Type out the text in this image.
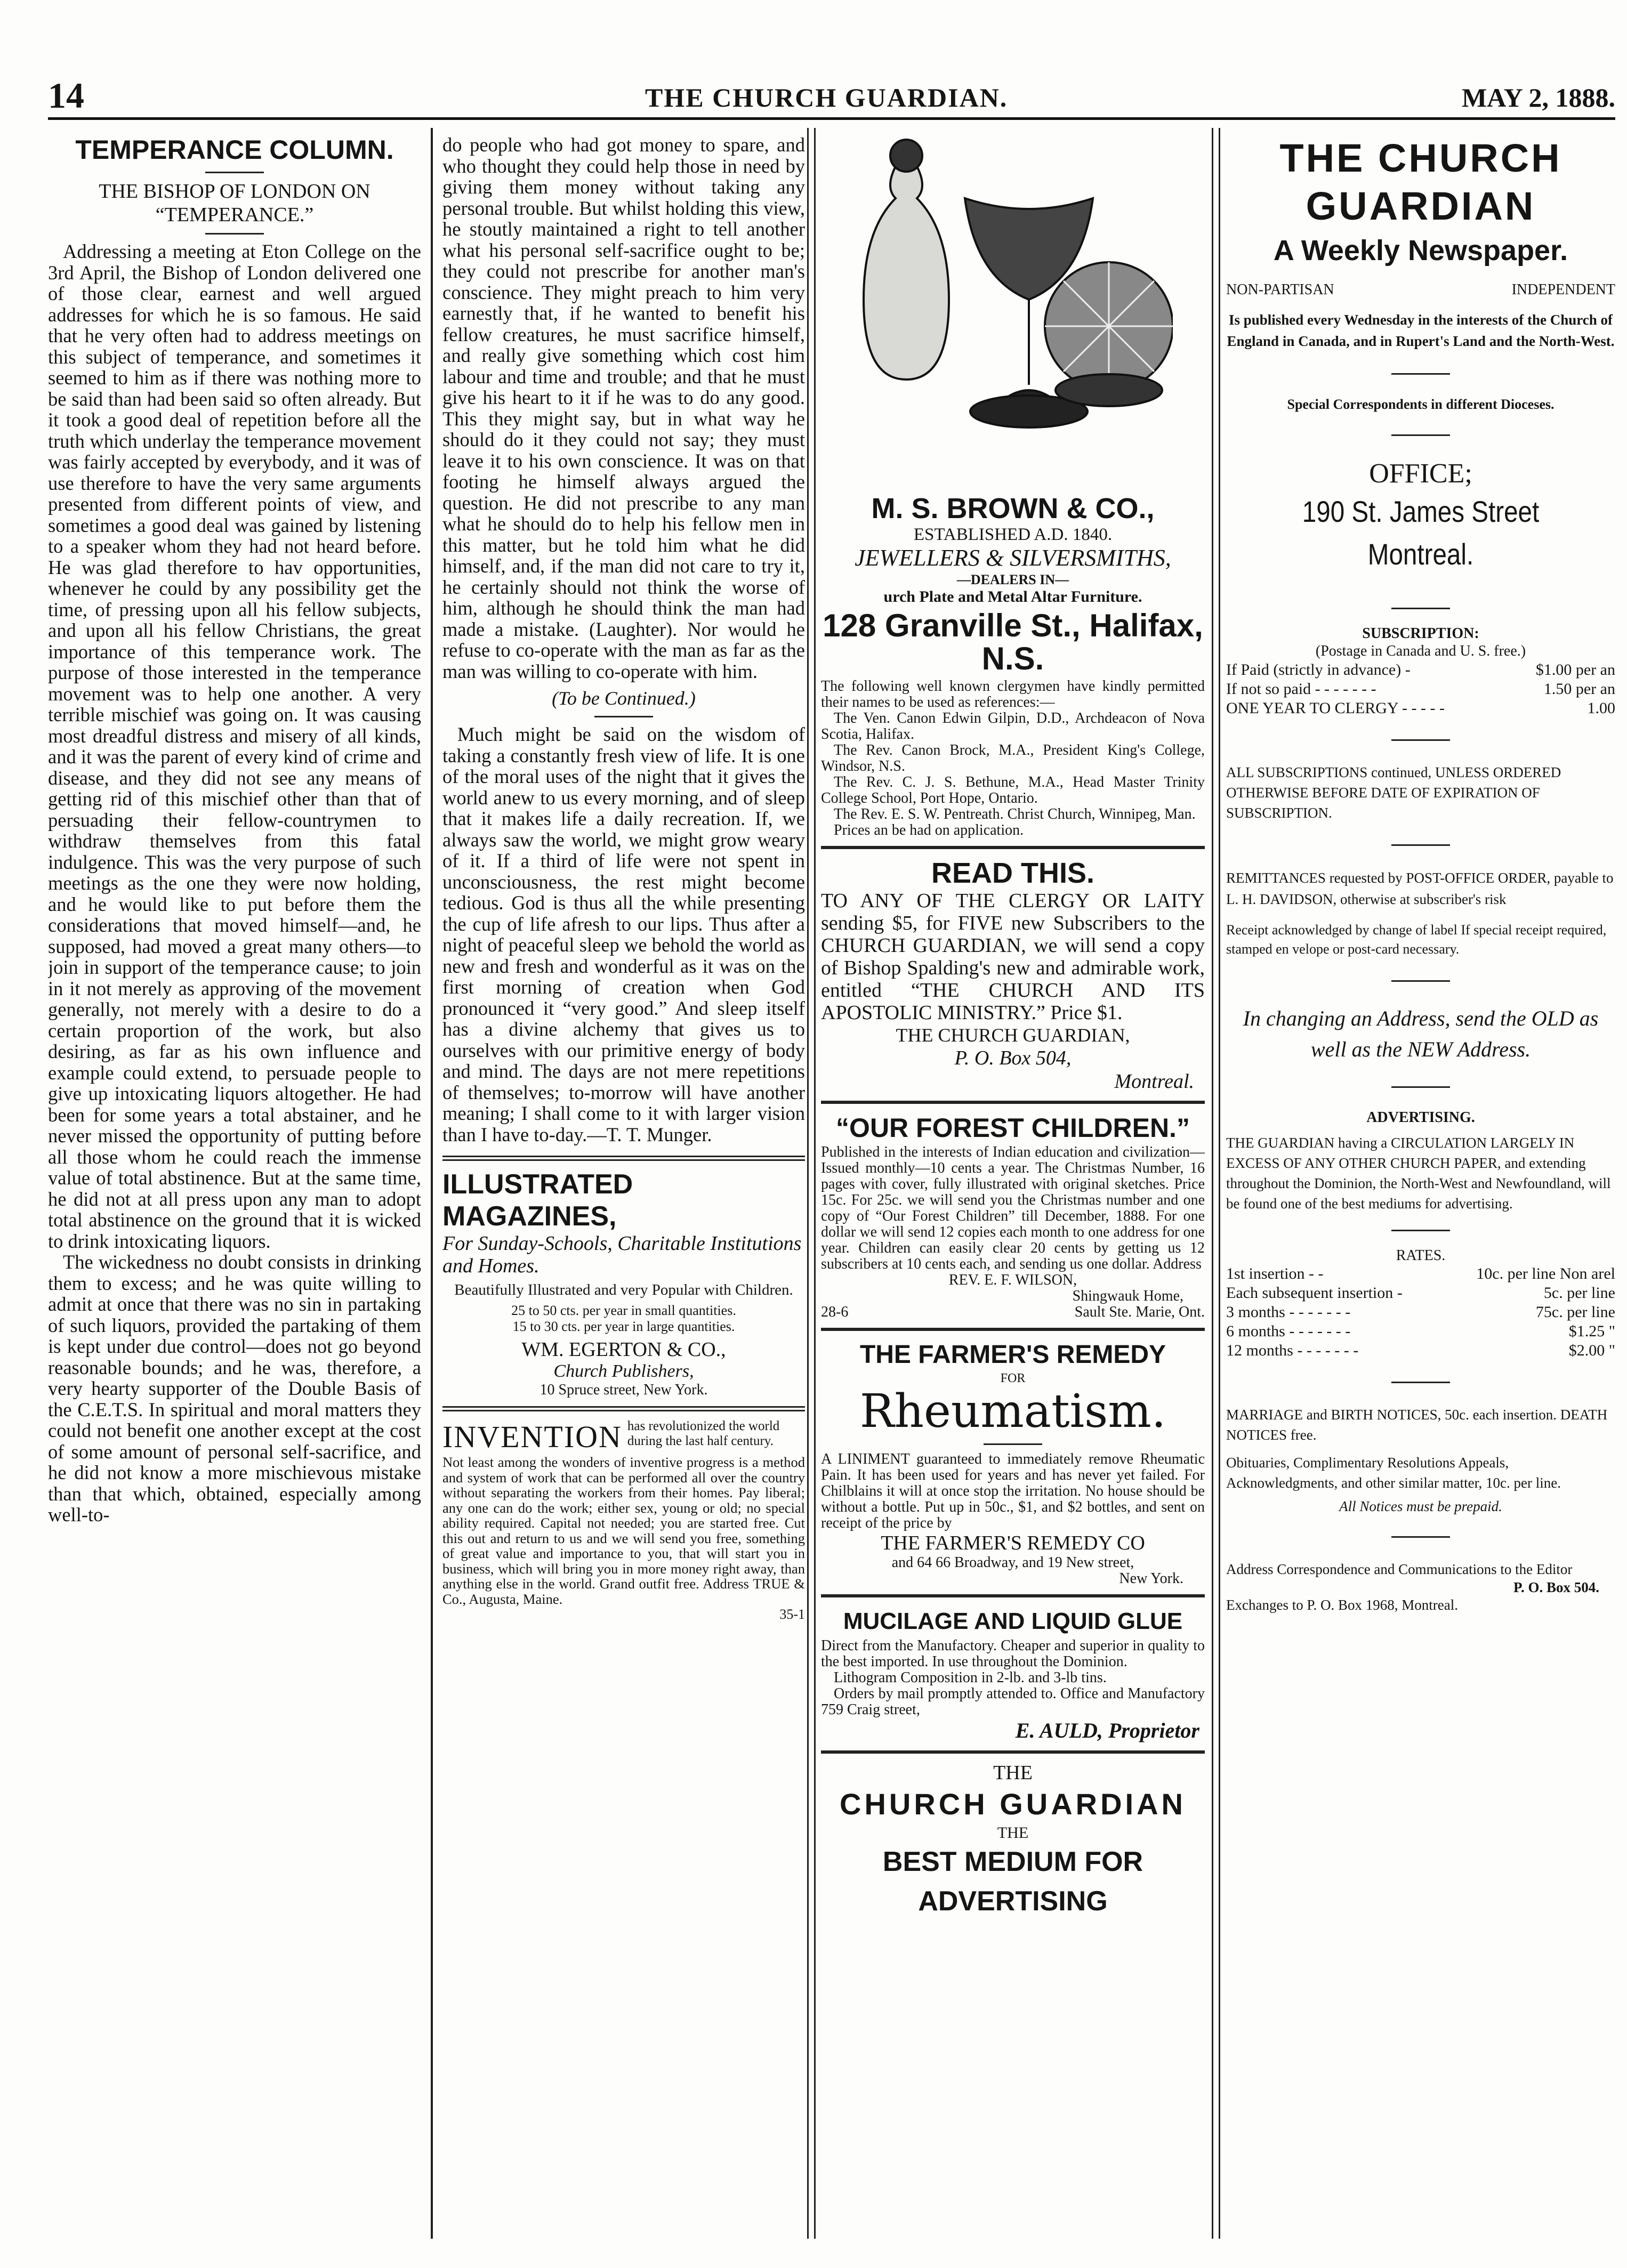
14	THE CHURCH GUARDIAN.	MAY 2, 1888.
TEMPERANCE COLUMN.
THE BISHOP OF LONDON ON “TEMPERANCE.”

Addressing a meeting at Eton College on the 3rd April, the Bishop of London delivered one of those clear, earnest and well argued addresses for which he is so famous. He said that he very often had to address meetings on this subject of temperance, and sometimes it seemed to him as if there was nothing more to be said than had been said so often already. But it took a good deal of repetition before all the truth which underlay the temperance movement was fairly accepted by everybody, and it was of use therefore to have the very same arguments presented from different points of view, and sometimes a good deal was gained by listening to a speaker whom they had not heard before. He was glad therefore to hav opportunities, whenever he could by any possibility get the time, of pressing upon all his fellow subjects, and upon all his fellow Christians, the great importance of this temperance work. The purpose of those interested in the temperance movement was to help one another. A very terrible mischief was going on. It was causing most dreadful distress and misery of all kinds, and it was the parent of every kind of crime and disease, and they did not see any means of getting rid of this mischief other than that of persuading their fellow-countrymen to withdraw themselves from this fatal indulgence. This was the very purpose of such meetings as the one they were now holding, and he would like to put before them the considerations that moved himself—and, he supposed, had moved a great many others—to join in support of the temperance cause; to join in it not merely as approving of the movement generally, not merely with a desire to do a certain proportion of the work, but also desiring, as far as his own influence and example could extend, to persuade people to give up intoxicating liquors altogether. He had been for some years a total abstainer, and he never missed the opportunity of putting before all those whom he could reach the immense value of total abstinence. But at the same time, he did not at all press upon any man to adopt total abstinence on the ground that it is wicked to drink intoxicating liquors.

The wickedness no doubt consists in drinking them to excess; and he was quite willing to admit at once that there was no sin in partaking of such liquors, provided the partaking of them is kept under due control—does not go beyond reasonable bounds; and he was, therefore, a very hearty supporter of the Double Basis of the C.E.T.S. In spiritual and moral matters they could not benefit one another except at the cost of some amount of personal self-sacrifice, and he did not know a more mischievous mistake than that which, obtained, especially among well-to-

do people who had got money to spare, and who thought they could help those in need by giving them money without taking any personal trouble. But whilst holding this view, he stoutly maintained a right to tell another what his personal self-sacrifice ought to be; they could not prescribe for another man's conscience. They might preach to him very earnestly that, if he wanted to benefit his fellow creatures, he must sacrifice himself, and really give something which cost him labour and time and trouble; and that he must give his heart to it if he was to do any good. This they might say, but in what way he should do it they could not say; they must leave it to his own conscience. It was on that footing he himself always argued the question. He did not prescribe to any man what he should do to help his fellow men in this matter, but he told him what he did himself, and, if the man did not care to try it, he certainly should not think the worse of him, although he should think the man had made a mistake. (Laughter). Nor would he refuse to co-operate with the man as far as the man was willing to co-operate with him.

(To be Continued.)

Much might be said on the wisdom of taking a constantly fresh view of life. It is one of the moral uses of the night that it gives the world anew to us every morning, and of sleep that it makes life a daily recreation. If, we always saw the world, we might grow weary of it. If a third of life were not spent in unconsciousness, the rest might become tedious. God is thus all the while presenting the cup of life afresh to our lips. Thus after a night of peaceful sleep we behold the world as new and fresh and wonderful as it was on the first morning of creation when God pronounced it “very good.” And sleep itself has a divine alchemy that gives us to ourselves with our primitive energy of body and mind. The days are not mere repetitions of themselves; to-morrow will have another meaning; I shall come to it with larger vision than I have to-day.—T. T. Munger.

ILLUSTRATED MAGAZINES,
For Sunday-Schools, Charitable Institutions and Homes.
Beautifully Illustrated and very Popular with Children.
25 to 50 cts. per year in small quantities.
15 to 30 cts. per year in large quantities.
WM. EGERTON & CO.,
Church Publishers,
10 Spruce street, New York.
INVENTION has revolutionized the world during the last half century.
Not least among the wonders of inventive progress is a method and system of work that can be performed all over the country without separating the workers from their homes. Pay liberal; any one can do the work; either sex, young or old; no special ability required. Capital not needed; you are started free. Cut this out and return to us and we will send you free, something of great value and importance to you, that will start you in business, which will bring you in more money right away, than anything else in the world. Grand outfit free. Address TRUE & Co., Augusta, Maine.
35-1
M. S. BROWN & CO.,
ESTABLISHED A.D. 1840.
JEWELLERS & SILVERSMITHS,
—DEALERS IN—
urch Plate and Metal Altar Furniture.
128 Granville St., Halifax, N.S.
The following well known clergymen have kindly permitted their names to be used as references:—
The Ven. Canon Edwin Gilpin, D.D., Archdeacon of Nova Scotia, Halifax.
The Rev. Canon Brock, M.A., President King's College, Windsor, N.S.
The Rev. C. J. S. Bethune, M.A., Head Master Trinity College School, Port Hope, Ontario.
The Rev. E. S. W. Pentreath. Christ Church, Winnipeg, Man.
Prices an be had on application.
READ THIS.
TO ANY OF THE CLERGY OR LAITY sending $5, for FIVE new Subscribers to the CHURCH GUARDIAN, we will send a copy of Bishop Spalding's new and admirable work, entitled “THE CHURCH AND ITS APOSTOLIC MINISTRY.” Price $1.
THE CHURCH GUARDIAN,
P. O. Box 504,
Montreal.
“OUR FOREST CHILDREN.”
Published in the interests of Indian education and civilization—Issued monthly—10 cents a year. The Christmas Number, 16 pages with cover, fully illustrated with original sketches. Price 15c. For 25c. we will send you the Christmas number and one copy of “Our Forest Children” till December, 1888. For one dollar we will send 12 copies each month to one address for one year. Children can easily clear 20 cents by getting us 12 subscribers at 10 cents each, and sending us one dollar. Address
REV. E. F. WILSON,
Shingwauk Home,
28-6	Sault Ste. Marie, Ont.
THE FARMER'S REMEDY
FOR
Rheumatism.
A LINIMENT guaranteed to immediately remove Rheumatic Pain. It has been used for years and has never yet failed. For Chilblains it will at once stop the irritation. No house should be without a bottle. Put up in 50c., $1, and $2 bottles, and sent on receipt of the price by
THE FARMER'S REMEDY CO
and 64 66 Broadway, and 19 New street,
New York.
MUCILAGE AND LIQUID GLUE
Direct from the Manufactory. Cheaper and superior in quality to the best imported. In use throughout the Dominion.
Lithogram Composition in 2-lb. and 3-lb tins.
Orders by mail promptly attended to. Office and Manufactory 759 Craig street,
E. AULD, Proprietor
THE
CHURCH GUARDIAN
THE
BEST MEDIUM FOR ADVERTISING
THE CHURCH GUARDIAN
A Weekly Newspaper.
NON-PARTISAN	INDEPENDENT
Is published every Wednesday in the interests of the Church of England in Canada, and in Rupert's Land and the North-West.
Special Correspondents in different Dioceses.
OFFICE;
190 St. James Street Montreal.
SUBSCRIPTION:
(Postage in Canada and U. S. free.)
If Paid (strictly in advance) -	$1.00 per an
If not so paid - - - - - - -	1.50 per an
ONE YEAR TO CLERGY - - - - -	1.00
ALL SUBSCRIPTIONS continued, UNLESS ORDERED OTHERWISE BEFORE DATE OF EXPIRATION OF SUBSCRIPTION.
REMITTANCES requested by POST-OFFICE ORDER, payable to L. H. DAVIDSON, otherwise at subscriber's risk
Receipt acknowledged by change of label If special receipt required, stamped en velope or post-card necessary.
In changing an Address, send the OLD as well as the NEW Address.
ADVERTISING.
THE GUARDIAN having a CIRCULATION LARGELY IN EXCESS OF ANY OTHER CHURCH PAPER, and extending throughout the Dominion, the North-West and Newfoundland, will be found one of the best mediums for advertising.
RATES.
1st insertion - -	10c. per line Non arel
Each subsequent insertion -	5c. per line
3 months - - - - - - -	75c. per line
6 months - - - - - - -	$1.25 "
12 months - - - - - - -	$2.00 "
MARRIAGE and BIRTH NOTICES, 50c. each insertion. DEATH NOTICES free.
Obituaries, Complimentary Resolutions Appeals, Acknowledgments, and other similar matter, 10c. per line.
All Notices must be prepaid.
Address Correspondence and Communications to the Editor
P. O. Box 504.
Exchanges to P. O. Box 1968, Montreal.
